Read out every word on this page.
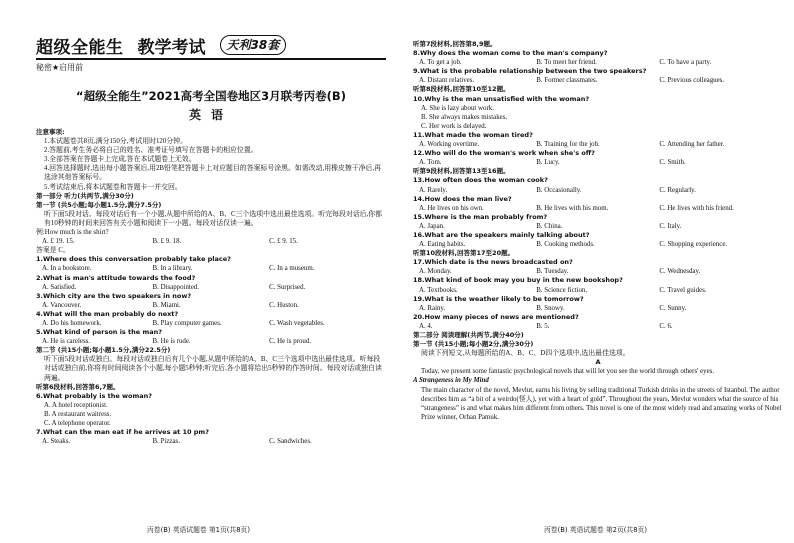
超级全能生 教学考试	天利38套
秘密★启用前
“超级全能生”2021高考全国卷地区3月联考丙卷(B)
英语

注意事项:

1.本试题卷共8页,满分150分,考试用时120分钟。

2.答题前,考生务必将自己的姓名、准考证号填写在答题卡的相应位置。

3.全部答案在答题卡上完成,答在本试题卷上无效。

4.回答选择题时,选出每小题答案后,用2B铅笔把答题卡上对应题目的答案标号涂黑。如需改动,用橡皮擦干净后,再选涂其他答案标号。

5.考试结束后,将本试题卷和答题卡一并交回。

第一部分 听力(共两节,满分30分)

第一节 (共5小题;每小题1.5分,满分7.5分)

听下面5段对话。每段对话后有一个小题,从题中所给的A、B、C三个选项中选出最佳选项。听完每段对话后,你都有10秒钟的时间来回答有关小题和阅读下一小题。每段对话仅读一遍。

例:How much is the shirt?

A. £ 19. 15.	B. £ 9. 18.	C. £ 9. 15.

答案是 C。

1.Where does this conversation probably take place?

A. In a bookstore.	B. In a library.	C. In a museum.

2.What is man's attitude towards the food?

A. Satisfied.	B. Disappointed.	C. Surprised.

3.Which city are the two speakers in now?

A. Vancouver.	B. Miami.	C. Huston.

4.What will the man probably do next?

A. Do his homework.	B. Play computer games.	C. Wash vegetables.

5.What kind of person is the man?

A. He is careless.	B. He is rude.	C. He is proud.

第二节 (共15小题;每小题1.5分,满分22.5分)

听下面5段对话或独白。每段对话或独白后有几个小题,从题中所给的A、B、C三个选项中选出最佳选项。听每段对话或独白前,你将有时间阅读各个小题,每小题5秒钟;听完后,各小题将给出5秒钟的作答时间。每段对话或独白读两遍。

听第6段材料,回答第6,7题。

6.What probably is the woman?

A. A hotel receptionist.

B. A restaurant waitress.

C. A telephone operator.

7.What can the man eat if he arrives at 10 pm?

A. Steaks.	B. Pizzas.	C. Sandwiches.
丙卷(B) 英语试题卷 第1页(共8页)

听第7段材料,回答第8,9题。

8.Why does the woman come to the man's company?

A. To get a job.	B. To meet her friend.	C. To have a party.

9.What is the probable relationship between the two speakers?

A. Distant relatives.	B. Former classmates.	C. Previous colleagues.

听第8段材料,回答第10至12题。

10.Why is the man unsatisfied with the woman?

A. She is lazy about work.

B. She always makes mistakes.

C. Her work is delayed.

11.What made the woman tired?

A. Working overtime.	B. Training for the job.	C. Attending her father.

12.Who will do the woman's work when she's off?

A. Tom.	B. Lucy.	C. Smith.

听第9段材料,回答第13至16题。

13.How often does the woman cook?

A. Rarely.	B. Occasionally.	C. Regularly.

14.How does the man live?

A. He lives on his own.	B. He lives with his mom.	C. He lives with his friend.

15.Where is the man probably from?

A. Japan.	B. China.	C. Italy.

16.What are the speakers mainly talking about?

A. Eating habits.	B. Cooking methods.	C. Shopping experience.

听第10段材料,回答第17至20题。

17.Which date is the news broadcasted on?

A. Monday.	B. Tuesday.	C. Wednesday.

18.What kind of book may you buy in the new bookshop?

A. Textbooks.	B. Science fiction.	C. Travel guides.

19.What is the weather likely to be tomorrow?

A. Rainy.	B. Snowy.	C. Sunny.

20.How many pieces of news are mentioned?

A. 4.	B. 5.	C. 6.

第二部分 阅读理解(共两节,满分40分)

第一节 (共15小题;每小题2分,满分30分)

阅读下列短文,从每题所给的A、B、C、D四个选项中,选出最佳选项。

A

Today, we present some fantastic psychological novels that will let you see the world through others' eyes.

A Strangeness in My Mind

The main character of the novel, Mevlut, earns his living by selling traditional Turkish drinks in the streets of Istanbul. The author describes him as “a bit of a weirdo(怪人), yet with a heart of gold”. Throughout the years, Mevlut wonders what the source of his “strangeness” is and what makes him different from others. This novel is one of the most widely read and amazing works of Nobel Prize winner, Orhan Pamuk.

丙卷(B) 英语试题卷 第2页(共8页)
